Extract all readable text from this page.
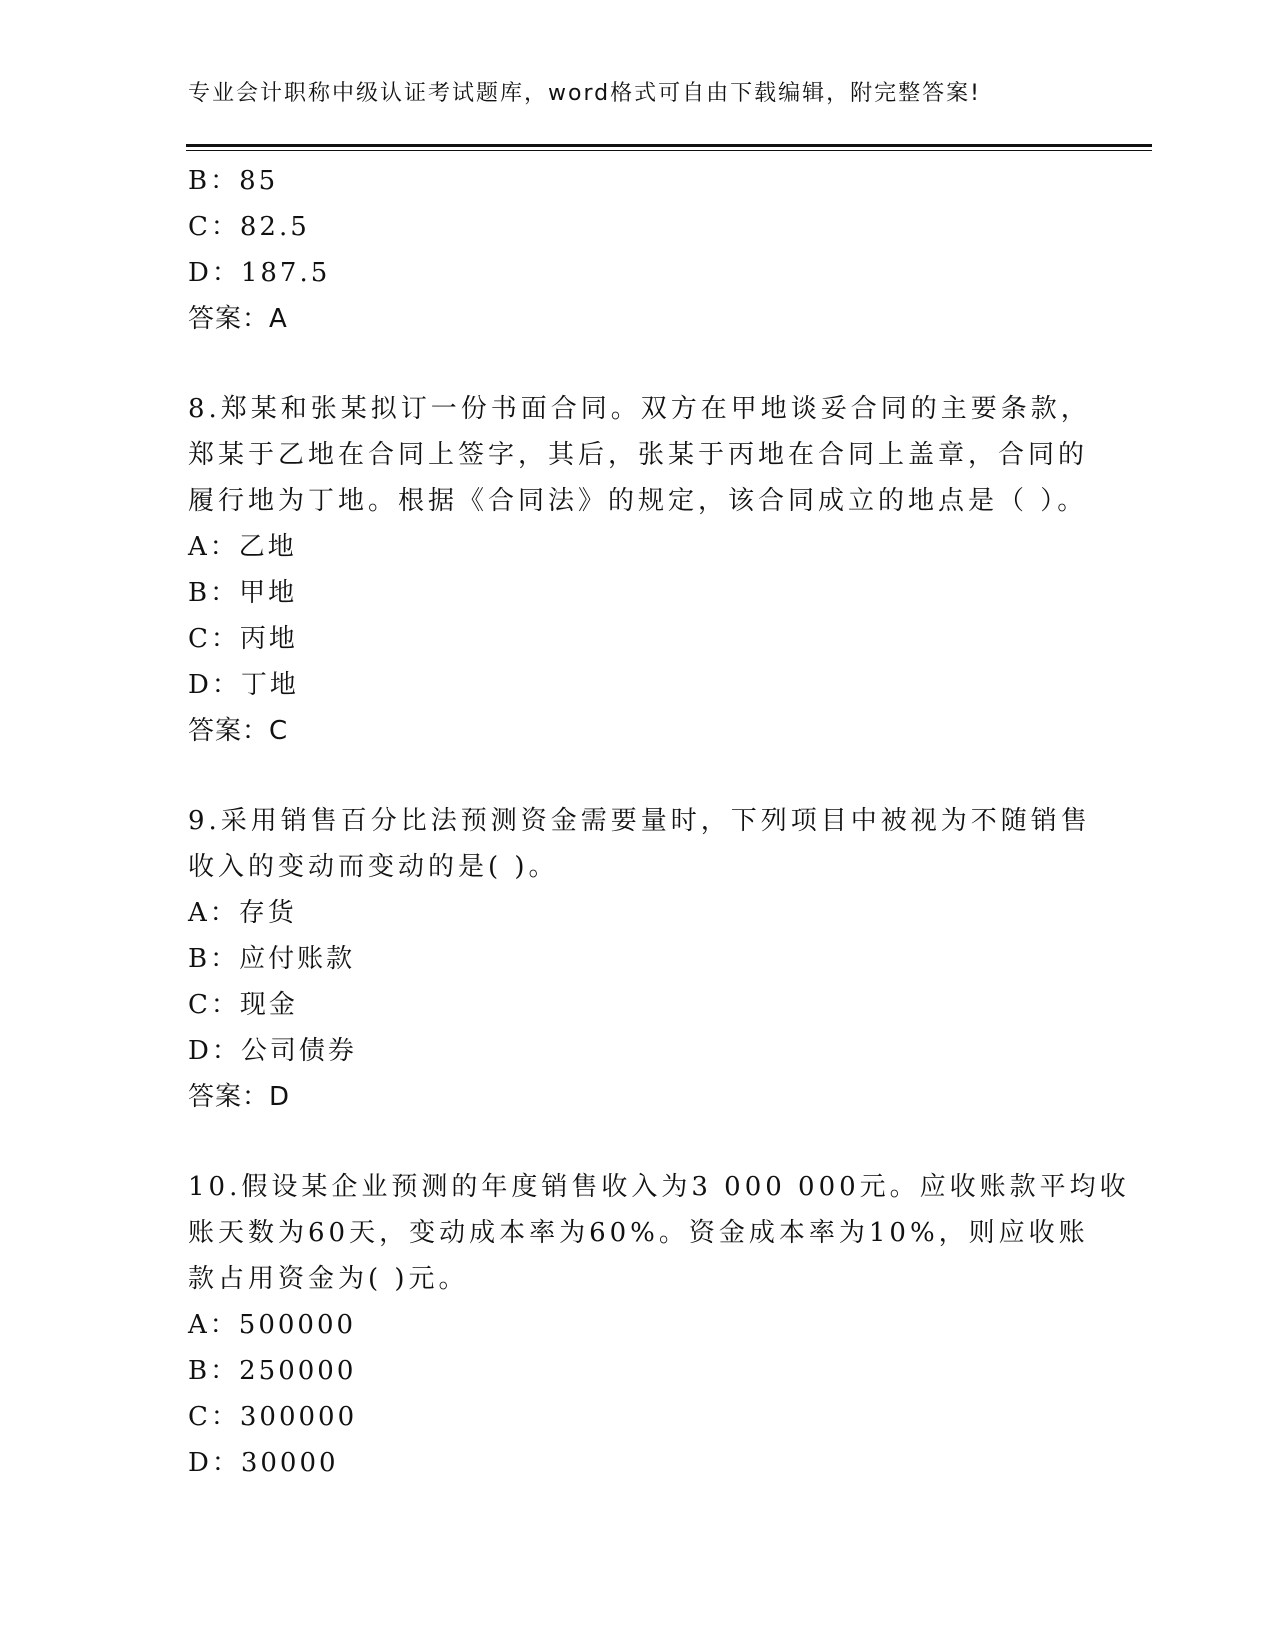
专业会计职称中级认证考试题库，word格式可自由下载编辑，附完整答案!
B：85
C：82.5
D：187.5
答案：A
8.郑某和张某拟订一份书面合同。双方在甲地谈妥合同的主要条款，
郑某于乙地在合同上签字，其后，张某于丙地在合同上盖章，合同的
履行地为丁地。根据《合同法》的规定，该合同成立的地点是（ ）。
A：乙地
B：甲地
C：丙地
D：丁地
答案：C
9.采用销售百分比法预测资金需要量时，下列项目中被视为不随销售
收入的变动而变动的是( )。
A：存货
B：应付账款
C：现金
D：公司债券
答案：D
10.假设某企业预测的年度销售收入为3 000 000元。应收账款平均收
账天数为60天，变动成本率为60%。资金成本率为10%，则应收账
款占用资金为( )元。
A：500000
B：250000
C：300000
D：30000
